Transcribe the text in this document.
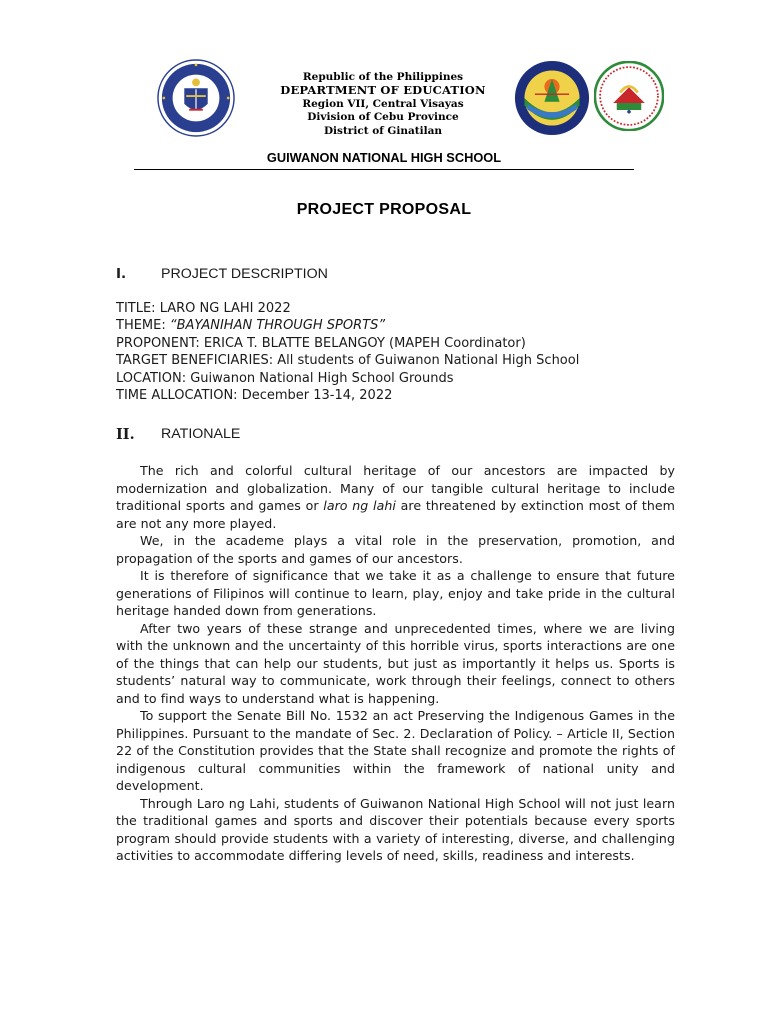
Republic of the Philippines
DEPARTMENT OF EDUCATION
Region VII, Central Visayas
Division of Cebu Province
District of Ginatilan
GUIWANON NATIONAL HIGH SCHOOL
PROJECT PROPOSAL
I. PROJECT DESCRIPTION
TITLE: LARO NG LAHI 2022
THEME: “BAYANIHAN THROUGH SPORTS”
PROPONENT: ERICA T. BLATTE BELANGOY (MAPEH Coordinator)
TARGET BENEFICIARIES: All students of Guiwanon National High School
LOCATION: Guiwanon National High School Grounds
TIME ALLOCATION: December 13-14, 2022
II. RATIONALE

The rich and colorful cultural heritage of our ancestors are impacted by modernization and globalization. Many of our tangible cultural heritage to include traditional sports and games or laro ng lahi are threatened by extinction most of them are not any more played.

We, in the academe plays a vital role in the preservation, promotion, and propagation of the sports and games of our ancestors.

It is therefore of significance that we take it as a challenge to ensure that future generations of Filipinos will continue to learn, play, enjoy and take pride in the cultural heritage handed down from generations.

After two years of these strange and unprecedented times, where we are living with the unknown and the uncertainty of this horrible virus, sports interactions are one of the things that can help our students, but just as importantly it helps us. Sports is students’ natural way to communicate, work through their feelings, connect to others and to find ways to understand what is happening.

To support the Senate Bill No. 1532 an act Preserving the Indigenous Games in the Philippines. Pursuant to the mandate of Sec. 2. Declaration of Policy. – Article II, Section 22 of the Constitution provides that the State shall recognize and promote the rights of indigenous cultural communities within the framework of national unity and development.

Through Laro ng Lahi, students of Guiwanon National High School will not just learn the traditional games and sports and discover their potentials because every sports program should provide students with a variety of interesting, diverse, and challenging activities to accommodate differing levels of need, skills, readiness and interests.
